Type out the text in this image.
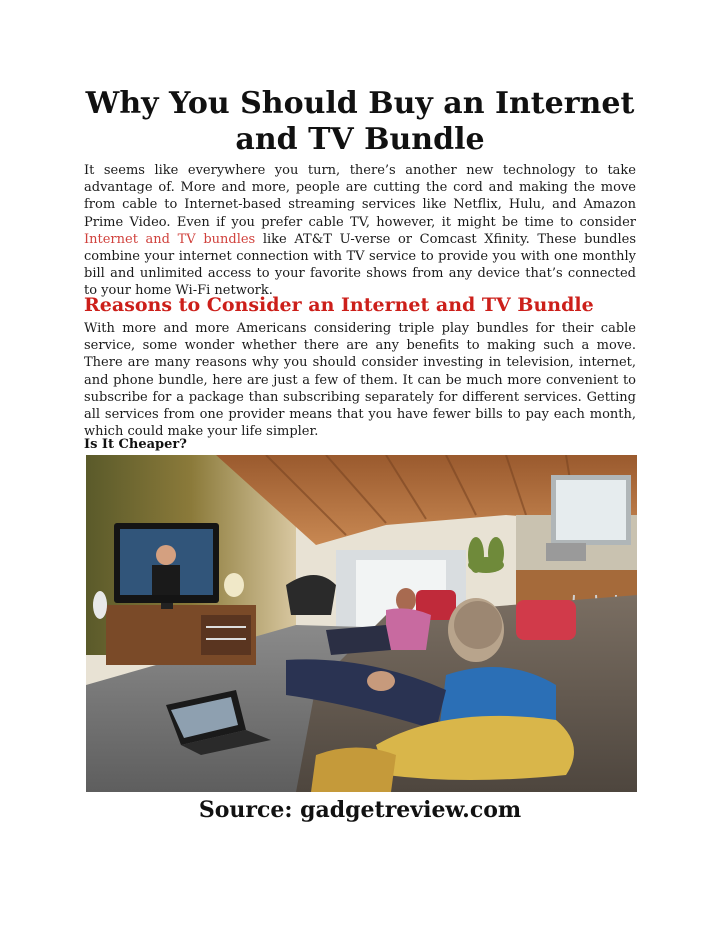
Why You Should Buy an Internet and TV Bundle

It seems like everywhere you turn, there’s another new technology to take advantage of. More and more, people are cutting the cord and making the move from cable to Internet-based streaming services like Netflix, Hulu, and Amazon Prime Video. Even if you prefer cable TV, however, it might be time to consider Internet and TV bundles like AT&T U-verse or Comcast Xfinity. These bundles combine your internet connection with TV service to provide you with one monthly bill and unlimited access to your favorite shows from any device that’s connected to your home Wi-Fi network.

Reasons to Consider an Internet and TV Bundle

With more and more Americans considering triple play bundles for their cable service, some wonder whether there are any benefits to making such a move. There are many reasons why you should consider investing in television, internet, and phone bundle, here are just a few of them. It can be much more convenient to subscribe for a package than subscribing separately for different services. Getting all services from one provider means that you have fewer bills to pay each month, which could make your life simpler.

Is It Cheaper?

Source: gadgetreview.com
